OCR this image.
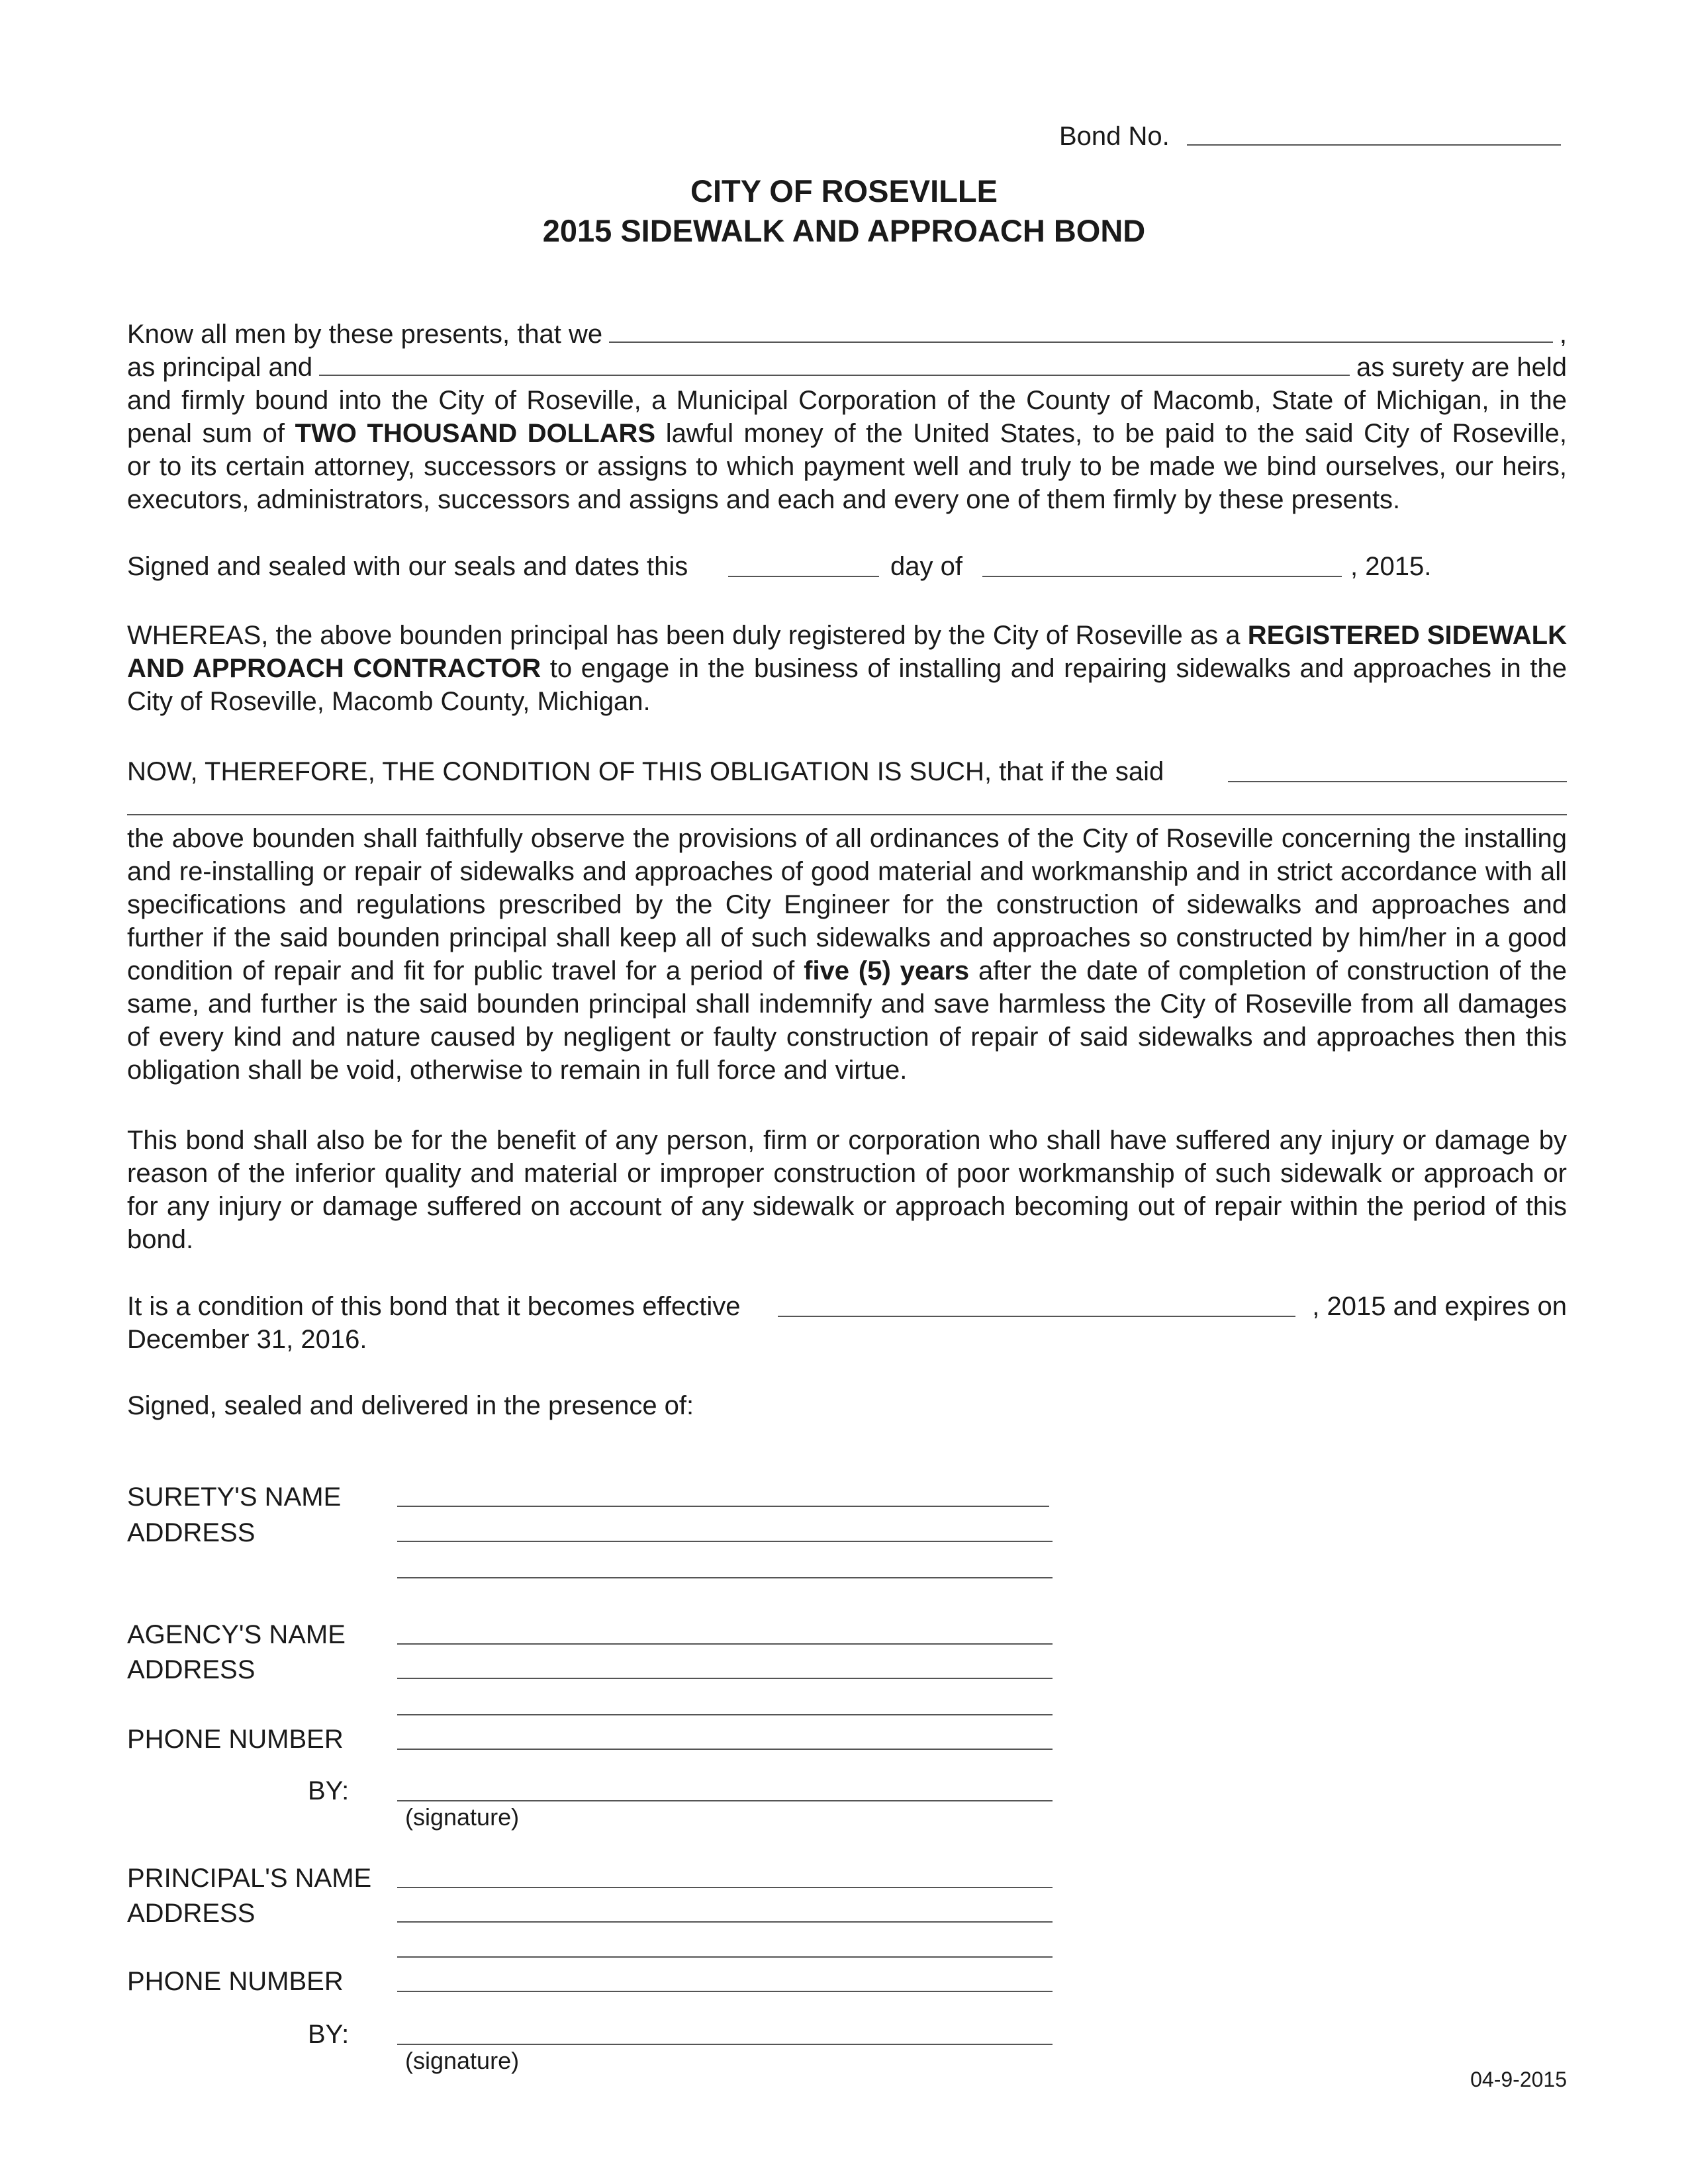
Bond No.
CITY OF ROSEVILLE
2015 SIDEWALK AND APPROACH BOND
Know all men by these presents, that we	,
as principal and	as surety are held
and firmly bound into the City of Roseville, a Municipal Corporation of the County of Macomb, State of Michigan, in the
penal sum of TWO THOUSAND DOLLARS lawful money of the United States, to be paid to the said City of Roseville,
or to its certain attorney, successors or assigns to which payment well and truly to be made we bind ourselves, our heirs, executors, administrators, successors and assigns and each and every one of them firmly by these presents.
Signed and sealed with our seals and dates this	day of	, 2015.
WHEREAS, the above bounden principal has been duly registered by the City of Roseville as a REGISTERED SIDEWALK AND APPROACH CONTRACTOR to engage in the business of installing and repairing sidewalks and approaches in the City of Roseville, Macomb County, Michigan.
NOW, THEREFORE, THE CONDITION OF THIS OBLIGATION IS SUCH, that if the said
the above bounden shall faithfully observe the provisions of all ordinances of the City of Roseville concerning the installing and re-installing or repair of sidewalks and approaches of good material and workmanship and in strict accordance with all specifications and regulations prescribed by the City Engineer for the construction of sidewalks and approaches and further if the said bounden principal shall keep all of such sidewalks and approaches so constructed by him/her in a good condition of repair and fit for public travel for a period of five (5) years after the date of completion of construction of the same, and further is the said bounden principal shall indemnify and save harmless the City of Roseville from all damages of every kind and nature caused by negligent or faulty construction of repair of said sidewalks and approaches then this obligation shall be void, otherwise to remain in full force and virtue.
This bond shall also be for the benefit of any person, firm or corporation who shall have suffered any injury or damage by reason of the inferior quality and material or improper construction of poor workmanship of such sidewalk or approach or for any injury or damage suffered on account of any sidewalk or approach becoming out of repair within the period of this bond.
It is a condition of this bond that it becomes effective	, 2015 and expires on
December 31, 2016.
Signed, sealed and delivered in the presence of:
SURETY'S NAME
ADDRESS
AGENCY'S NAME
ADDRESS
PHONE NUMBER
BY:
(signature)
PRINCIPAL'S NAME
ADDRESS
PHONE NUMBER
BY:
(signature)
04-9-2015
